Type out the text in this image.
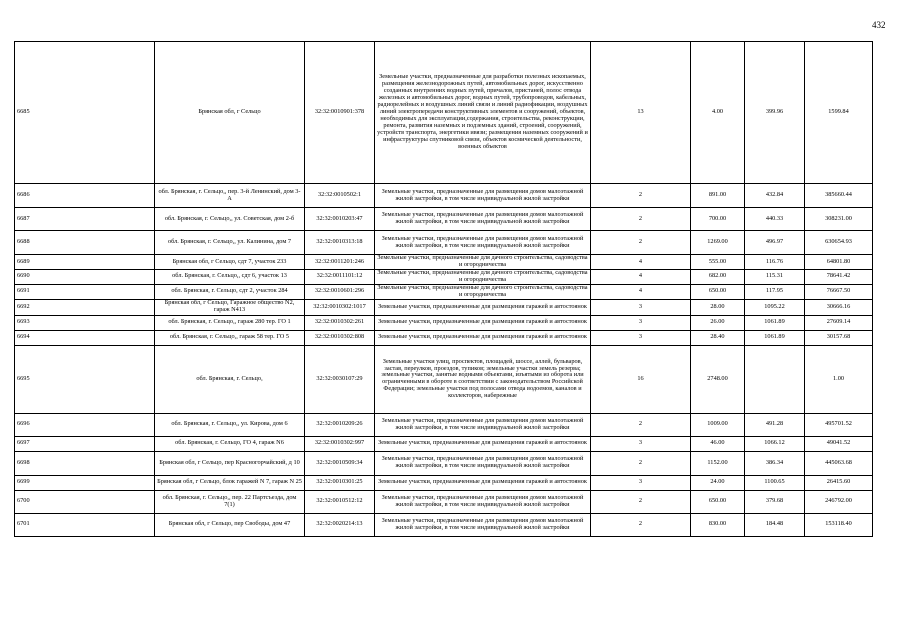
432
6685	Брянская обл, г Сельцо	32:32:0010901:378	Земельные участки, предназначенные для разработки полезных ископаемых, размещения железнодорожных путей, автомобильных дорог, искусственно созданных внутренних водных путей, причалов, пристаней, полос отвода железных и автомобильных дорог, водных путей, трубопроводов, кабельных, радиорелейных и воздушных линий связи и линий радиофикации, воздушных линий электропередачи конструктивных элементов и сооружений, объектов, необходимых для эксплуатации,содержания, строительства, реконструкции, ремонта, развития наземных и подземных зданий, строений, сооружений, устройств транспорта, энергетики ивязи; размещения наземных сооружений и инфраструктуры спутниковой связи, объектов космической деятельности, военных объектов	13	4.00	399.96	1599.84
6686	обл. Брянская, г. Сельцо,, пер. 3-й Ленинский, дом 3-А	32:32:0010502:1	Земельные участки, предназначенные для размещения домов малоэтажной жилой застройки, в том числе индивидуальной жилой застройки	2	891.00	432.84	385660.44
6687	обл. Брянская, г. Сельцо,, ул. Советская, дом 2-б	32:32:0010203:47	Земельные участки, предназначенные для размещения домов малоэтажной жилой застройки, в том числе индивидуальной жилой застройки	2	700.00	440.33	308231.00
6688	обл. Брянская, г. Сельцо,, ул. Калинина, дом 7	32:32:0010313:18	Земельные участки, предназначенные для размещения домов малоэтажной жилой застройки, в том числе индивидуальной жилой застройки	2	1269.00	496.97	630654.93
6689	Брянская обл, г Сельцо, сдт 7, участок 233	32:32:0011201:246	Земельные участки, предназначенные для дачного строительства, садоводства и огородничества	4	555.00	116.76	64801.80
6690	обл. Брянская, г. Сельцо,, сдт 6, участок 13	32:32:0011101:12	Земельные участки, предназначенные для дачного строительства, садоводства и огородничества	4	682.00	115.31	78641.42
6691	обл. Брянская, г. Сельцо, сдт 2, участок 284	32:32:0010601:296	Земельные участки, предназначенные для дачного строительства, садоводства и огородничества	4	650.00	117.95	76667.50
6692	Брянская обл, г Сельцо, Гаражное общество N2, гараж N413	32:32:0010302:1017	Земельные участки, предназначенные для размещения гаражей и автостоянок	3	28.00	1095.22	30666.16
6693	обл. Брянская, г. Сельцо,, гараж 280 тер. ГО 1	32:32:0010302:261	Земельные участки, предназначенные для размещения гаражей и автостоянок	3	26.00	1061.89	27609.14
6694	обл. Брянская, г. Сельцо,, гараж 58 тер. ГО 5	32:32:0010302:808	Земельные участки, предназначенные для размещения гаражей и автостоянок	3	28.40	1061.89	30157.68
6695	обл. Брянская, г. Сельцо,	32:32:0030107:29	Земельные участки улиц, проспектов, площадей, шоссе, аллей, бульваров, застав, переулков, проездов, тупиков; земельные участки земель резерва; земельные участки, занятые водными объектами, изъятыми из оборота или ограниченными в обороте в соответствии с законодательством Российской Федерации; земельные участки под полосами отвода водоемов, каналов и коллекторов, набережные	16	2748.00		1.00
6696	обл. Брянская, г. Сельцо,, ул. Кирова, дом 6	32:32:0010209:26	Земельные участки, предназначенные для размещения домов малоэтажной жилой застройки, в том числе индивидуальной жилой застройки	2	1009.00	491.28	495701.52
6697	обл. Брянская, г. Сельцо, ГО 4, гараж N6	32:32:0010302:997	Земельные участки, предназначенные для размещения гаражей и автостоянок	3	46.00	1066.12	49041.52
6698	Брянская обл, г Сельцо, пер Красногорчайский, д 10	32:32:0010509:34	Земельные участки, предназначенные для размещения домов малоэтажной жилой застройки, в том числе индивидуальной жилой застройки	2	1152.00	386.34	445063.68
6699	Брянская обл, г Сельцо, блок гаражей N 7, гараж N 25	32:32:0010301:25	Земельные участки, предназначенные для размещения гаражей и автостоянок	3	24.00	1100.65	26415.60
6700	обл. Брянская, г. Сельцо,, пер. 22 Партсъезда, дом 7(1)	32:32:0010512:12	Земельные участки, предназначенные для размещения домов малоэтажной жилой застройки, в том числе индивидуальной жилой застройки	2	650.00	379.68	246792.00
6701	Брянская обл, г Сельцо, пер Свободы, дом 47	32:32:0020214:13	Земельные участки, предназначенные для размещения домов малоэтажной жилой застройки, в том числе индивидуальной жилой застройки	2	830.00	184.48	153118.40
